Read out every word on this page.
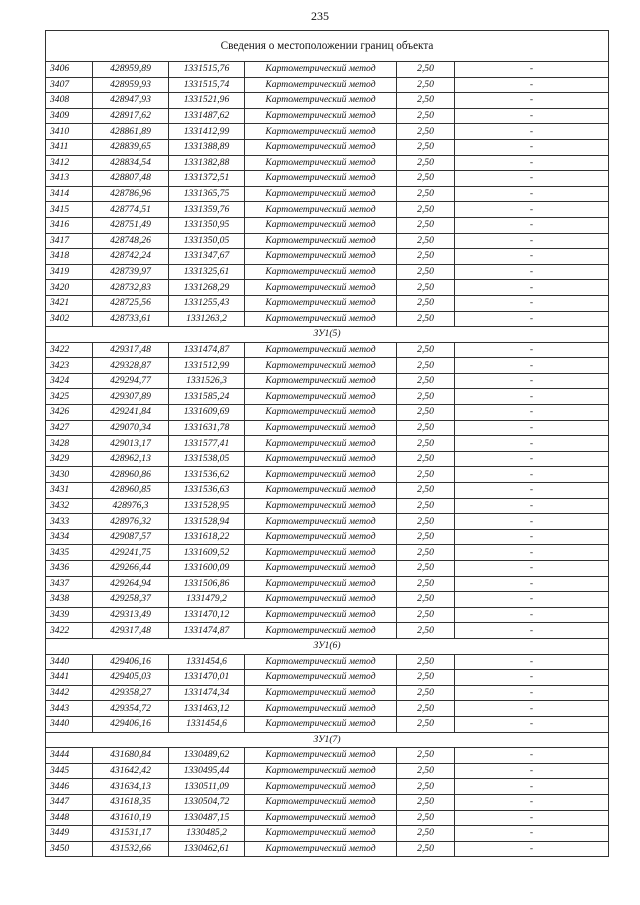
235
Сведения о местоположении границ объекта					
3406	428959,89	1331515,76	Картометрический метод	2,50	-
3407	428959,93	1331515,74	Картометрический метод	2,50	-
3408	428947,93	1331521,96	Картометрический метод	2,50	-
3409	428917,62	1331487,62	Картометрический метод	2,50	-
3410	428861,89	1331412,99	Картометрический метод	2,50	-
3411	428839,65	1331388,89	Картометрический метод	2,50	-
3412	428834,54	1331382,88	Картометрический метод	2,50	-
3413	428807,48	1331372,51	Картометрический метод	2,50	-
3414	428786,96	1331365,75	Картометрический метод	2,50	-
3415	428774,51	1331359,76	Картометрический метод	2,50	-
3416	428751,49	1331350,95	Картометрический метод	2,50	-
3417	428748,26	1331350,05	Картометрический метод	2,50	-
3418	428742,24	1331347,67	Картометрический метод	2,50	-
3419	428739,97	1331325,61	Картометрический метод	2,50	-
3420	428732,83	1331268,29	Картометрический метод	2,50	-
3421	428725,56	1331255,43	Картометрический метод	2,50	-
3402	428733,61	1331263,2	Картометрический метод	2,50	-
ЗУ1(5)					
3422	429317,48	1331474,87	Картометрический метод	2,50	-
3423	429328,87	1331512,99	Картометрический метод	2,50	-
3424	429294,77	1331526,3	Картометрический метод	2,50	-
3425	429307,89	1331585,24	Картометрический метод	2,50	-
3426	429241,84	1331609,69	Картометрический метод	2,50	-
3427	429070,34	1331631,78	Картометрический метод	2,50	-
3428	429013,17	1331577,41	Картометрический метод	2,50	-
3429	428962,13	1331538,05	Картометрический метод	2,50	-
3430	428960,86	1331536,62	Картометрический метод	2,50	-
3431	428960,85	1331536,63	Картометрический метод	2,50	-
3432	428976,3	1331528,95	Картометрический метод	2,50	-
3433	428976,32	1331528,94	Картометрический метод	2,50	-
3434	429087,57	1331618,22	Картометрический метод	2,50	-
3435	429241,75	1331609,52	Картометрический метод	2,50	-
3436	429266,44	1331600,09	Картометрический метод	2,50	-
3437	429264,94	1331506,86	Картометрический метод	2,50	-
3438	429258,37	1331479,2	Картометрический метод	2,50	-
3439	429313,49	1331470,12	Картометрический метод	2,50	-
3422	429317,48	1331474,87	Картометрический метод	2,50	-
ЗУ1(6)					
3440	429406,16	1331454,6	Картометрический метод	2,50	-
3441	429405,03	1331470,01	Картометрический метод	2,50	-
3442	429358,27	1331474,34	Картометрический метод	2,50	-
3443	429354,72	1331463,12	Картометрический метод	2,50	-
3440	429406,16	1331454,6	Картометрический метод	2,50	-
ЗУ1(7)					
3444	431680,84	1330489,62	Картометрический метод	2,50	-
3445	431642,42	1330495,44	Картометрический метод	2,50	-
3446	431634,13	1330511,09	Картометрический метод	2,50	-
3447	431618,35	1330504,72	Картометрический метод	2,50	-
3448	431610,19	1330487,15	Картометрический метод	2,50	-
3449	431531,17	1330485,2	Картометрический метод	2,50	-
3450	431532,66	1330462,61	Картометрический метод	2,50	-
